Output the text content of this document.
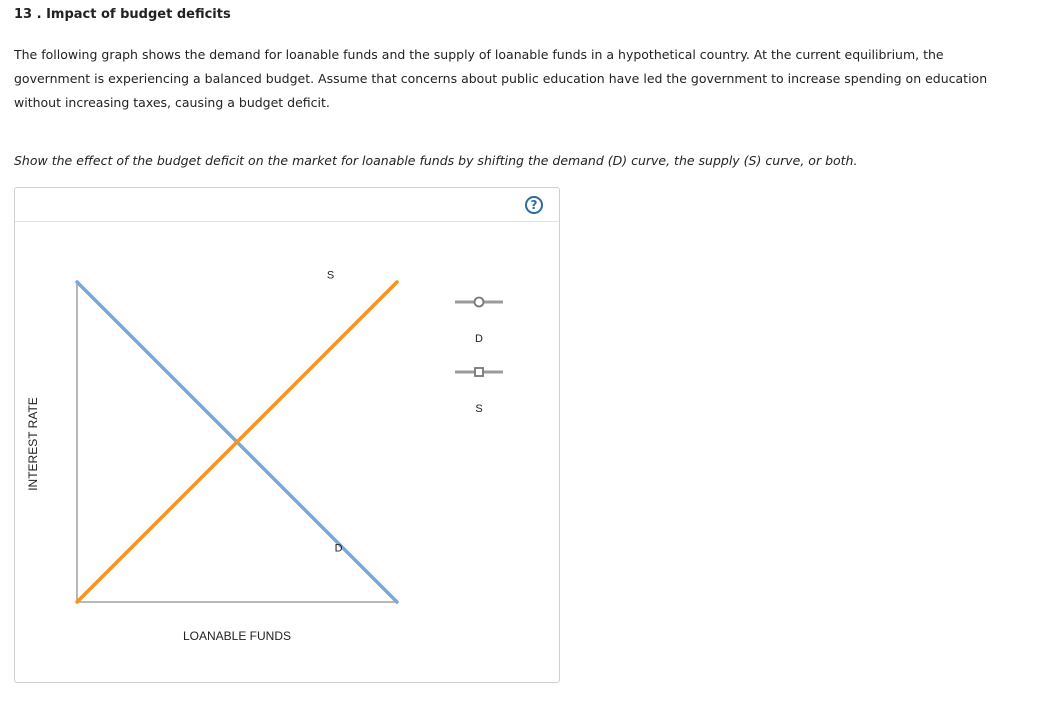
13 . Impact of budget deficits

The following graph shows the demand for loanable funds and the supply of loanable funds in a hypothetical country. At the current equilibrium, the government is experiencing a balanced budget. Assume that concerns about public education have led the government to increase spending on education without increasing taxes, causing a budget deficit.

Show the effect of the budget deficit on the market for loanable funds by shifting the demand (D) curve, the supply (S) curve, or both.

?
LOANABLE FUNDS
INTEREST RATE
D
S
D
S
